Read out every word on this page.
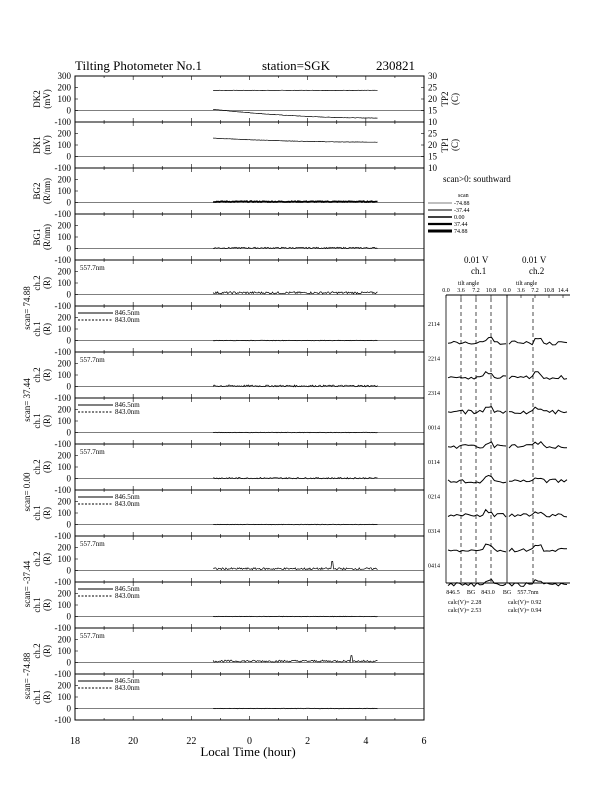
Tilting Photometer No.1	station=SGK	230821
300
200
100
0
-100
DK2 (mV)
30
25
20
15
10
TP2 (C)
200
100
0
-100
DK1 (mV)
25
20
15
10
TP1 (C)
200
100
0
-100
BG2 (R/nm)
200
100
0
-100
BG1 (R/nm)
200
100
0
-100
ch.2 (R)
scan= 74.88
557.7nm
200
100
0
-100
ch.1 (R)
846.5nm
843.0nm
200
100
0
-100
ch.2 (R)
scan= 37.44
557.7nm
200
100
0
-100
ch.1 (R)
846.5nm
843.0nm
200
100
0
-100
ch.2 (R)
scan= 0.00
557.7nm
200
100
0
-100
ch.1 (R)
846.5nm
843.0nm
200
100
0
-100
ch.2 (R)
scan= -37.44
557.7nm
200
100
0
-100
ch.1 (R)
846.5nm
843.0nm
200
100
0
-100
ch.2 (R)
scan= -74.88
557.7nm
200
100
0
-100
ch.1 (R)
846.5nm
843.0nm
18	20	22	0	2	4	6
Local Time (hour)
scan>0: southward
scan
-74.88
-37.44
0.00
37.44
74.88
0.01 V
ch.1
0.01 V
ch.2
tilt angle	tilt angle
0.0 3.6 7.2 10.8 0.0 3.6 7.2 10.8 14.4
2114
2214
2314
0014
0114
0214
0314
0414
846.5 BG 843.0 BG 557.7nm
calc(V)= 2.28
calc(V)= 2.53
calc(V)= 0.92
calc(V)= 0.94
